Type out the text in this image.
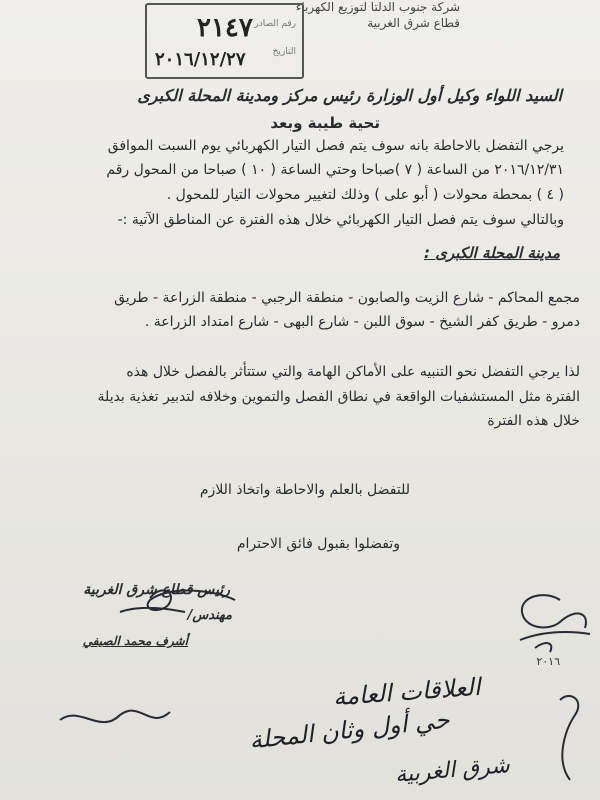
شركة جنوب الدلتا لتوزيع الكهرباء
قطاع شرق الغربية
رقم الصادر
٢١٤٧
التاريخ
٢٠١٦/١٢/٢٧
السيد اللواء وكيل أول الوزارة رئيس مركز ومدينة المحلة الكبرى
تحية طيبة وبعد
يرجي التفضل بالاحاطة بانه سوف يتم فصل التيار الكهربائي يوم السبت الموافق
٢٠١٦/١٢/٣١ من الساعة ( ٧ )صباحا وحتي الساعة ( ١٠ ) صباحا من المحول رقم
( ٤ ) بمحطة محولات ( أبو على ) وذلك لتغيير محولات التيار للمحول .
وبالتالي سوف يتم فصل التيار الكهربائي خلال هذه الفترة عن المناطق الآتية :-
مدينة المحلة الكبرى :
مجمع المحاكم - شارع الزيت والصابون - منطقة الرجبي - منطقة الزراعة - طريق
دمرو - طريق كفر الشيخ - سوق اللبن - شارع البهى - شارع امتداد الزراعة .
لذا يرجي التفضل نحو التنبيه على الأماكن الهامة والتي ستتأثر بالفصل خلال هذه
الفترة مثل المستشفيات الواقعة في نطاق الفصل والتموين وخلافه لتدبير تغذية بديلة
خلال هذه الفترة
للتفضل بالعلم والاحاطة واتخاذ اللازم
وتفضلوا بقبول فائق الاحترام
رئيس قطاع شرق الغربية
مهندس/
أشرف محمد الصيفي
٢٠١٦
العلاقات العامة
حي أول وثان المحلة
شرق الغربية
